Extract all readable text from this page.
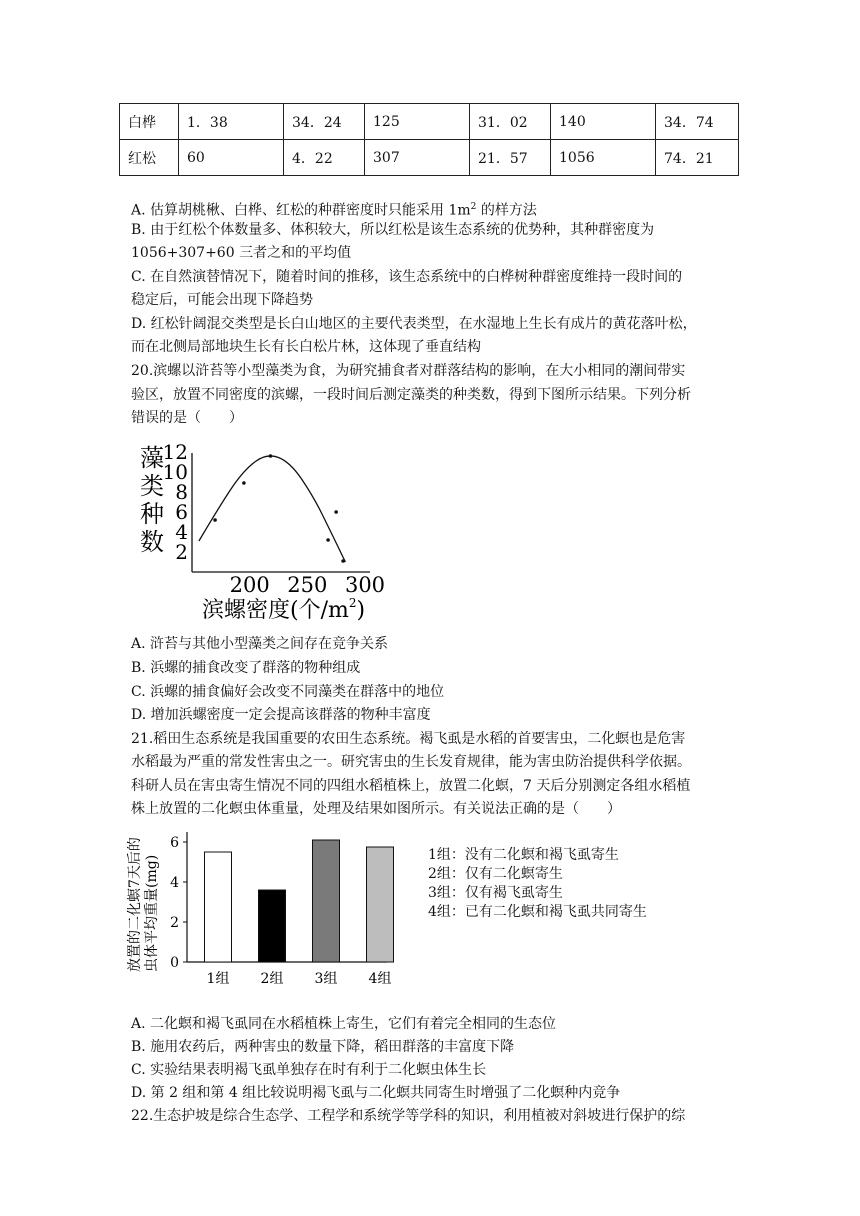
白桦	1．38	34．24	125	31．02	140	34．74
红松	60	4．22	307	21．57	1056	74．21
A. 估算胡桃楸、白桦、红松的种群密度时只能采用 $1m^2$ 的样方法
B. 由于红松个体数量多、体积较大，所以红松是该生态系统的优势种，其种群密度为
1056+307+60 三者之和的平均值
C. 在自然演替情况下，随着时间的推移，该生态系统中的白桦树种群密度维持一段时间的
稳定后，可能会出现下降趋势
D. 红松针阔混交类型是长白山地区的主要代表类型，在水湿地上生长有成片的黄花落叶松，
而在北侧局部地块生长有长白松片林，这体现了垂直结构
20.滨螺以浒苔等小型藻类为食，为研究捕食者对群落结构的影响，在大小相同的潮间带实
验区，放置不同密度的滨螺，一段时间后测定藻类的种类数，得到下图所示结果。下列分析
错误的是（　　）
藻
类
种
数
12
10
8
6
4
2
200 250 300
滨螺密度(个$/m^2$)
A. 浒苔与其他小型藻类之间存在竞争关系
B. 浜螺的捕食改变了群落的物种组成
C. 浜螺的捕食偏好会改变不同藻类在群落中的地位
D. 增加浜螺密度一定会提高该群落的物种丰富度
21.稻田生态系统是我国重要的农田生态系统。褐飞虱是水稻的首要害虫，二化螟也是危害
水稻最为严重的常发性害虫之一。研究害虫的生长发育规律，能为害虫防治提供科学依据。
科研人员在害虫寄生情况不同的四组水稻植株上，放置二化螟，7 天后分别测定各组水稻植
株上放置的二化螟虫体重量，处理及结果如图所示。有关说法正确的是（　　）
放置的二化螟7天后的 虫体平均重量(mg)
6
4
2
0
1组 2组 3组 4组
1组：没有二化螟和褐飞虱寄生
2组：仅有二化螟寄生
3组：仅有褐飞虱寄生
4组：已有二化螟和褐飞虱共同寄生
A. 二化螟和褐飞虱同在水稻植株上寄生，它们有着完全相同的生态位
B. 施用农药后，两种害虫的数量下降，稻田群落的丰富度下降
C. 实验结果表明褐飞虱单独存在时有利于二化螟虫体生长
D. 第 2 组和第 4 组比较说明褐飞虱与二化螟共同寄生时增强了二化螟种内竞争
22.生态护坡是综合生态学、工程学和系统学等学科的知识，利用植被对斜坡进行保护的综
